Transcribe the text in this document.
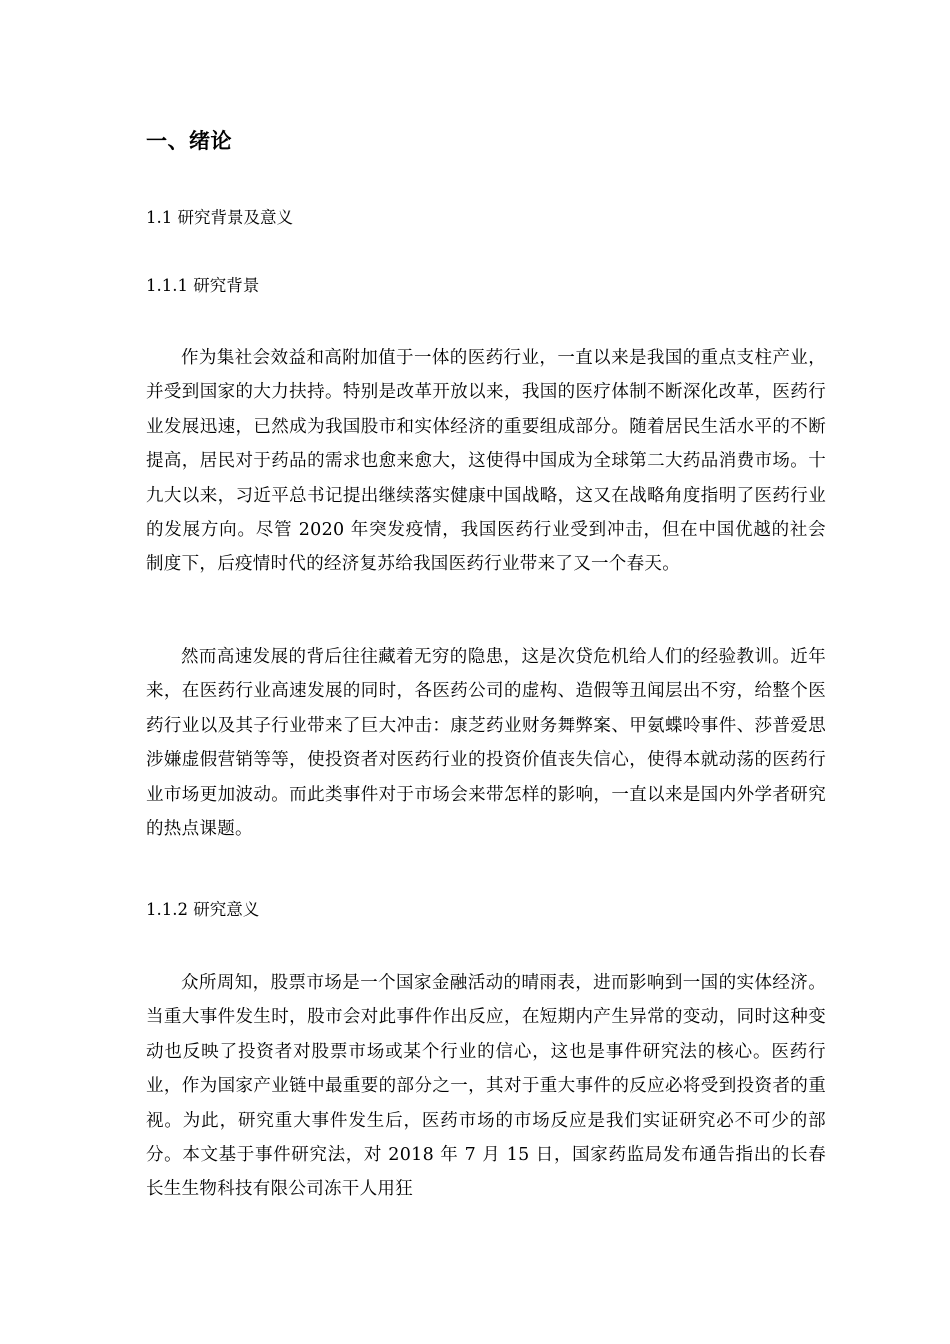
一、绪论
1.1 研究背景及意义
1.1.1 研究背景
作为集社会效益和高附加值于一体的医药行业，一直以来是我国的重点支柱产业，并受到国家的大力扶持。特别是改革开放以来，我国的医疗体制不断深化改革，医药行业发展迅速，已然成为我国股市和实体经济的重要组成部分。随着居民生活水平的不断提高，居民对于药品的需求也愈来愈大，这使得中国成为全球第二大药品消费市场。十九大以来，习近平总书记提出继续落实健康中国战略，这又在战略角度指明了医药行业的发展方向。尽管 2020 年突发疫情，我国医药行业受到冲击，但在中国优越的社会制度下，后疫情时代的经济复苏给我国医药行业带来了又一个春天。
然而高速发展的背后往往藏着无穷的隐患，这是次贷危机给人们的经验教训。近年来，在医药行业高速发展的同时，各医药公司的虚构、造假等丑闻层出不穷，给整个医药行业以及其子行业带来了巨大冲击：康芝药业财务舞弊案、甲氨蝶呤事件、莎普爱思涉嫌虚假营销等等，使投资者对医药行业的投资价值丧失信心，使得本就动荡的医药行业市场更加波动。而此类事件对于市场会来带怎样的影响，一直以来是国内外学者研究的热点课题。
1.1.2 研究意义
众所周知，股票市场是一个国家金融活动的晴雨表，进而影响到一国的实体经济。当重大事件发生时，股市会对此事件作出反应，在短期内产生异常的变动，同时这种变动也反映了投资者对股票市场或某个行业的信心，这也是事件研究法的核心。医药行业，作为国家产业链中最重要的部分之一，其对于重大事件的反应必将受到投资者的重视。为此，研究重大事件发生后，医药市场的市场反应是我们实证研究必不可少的部分。本文基于事件研究法，对 2018 年 7 月 15 日，国家药监局发布通告指出的长春长生生物科技有限公司冻干人用狂
